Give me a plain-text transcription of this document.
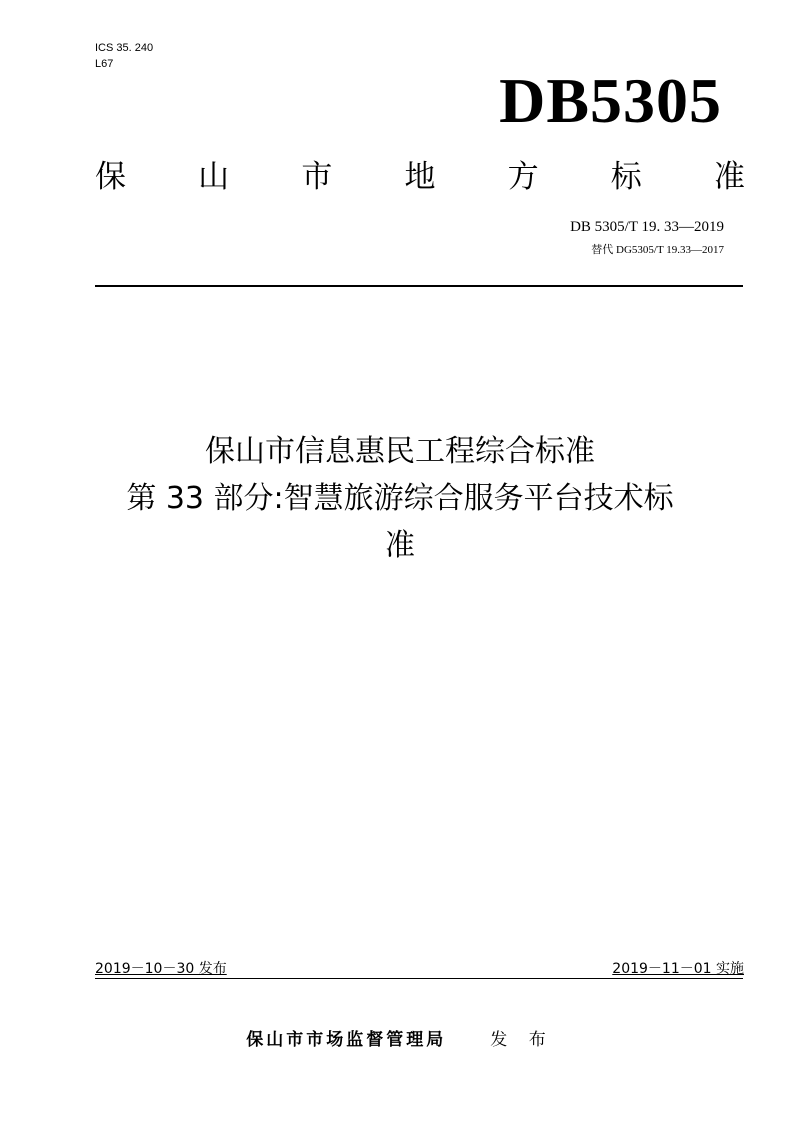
ICS 35. 240
L67
DB5305
保 山 市 地 方 标 准
DB 5305/T 19. 33—2019
替代 DG5305/T 19.33—2017
保山市信息惠民工程综合标准
第 33 部分:智慧旅游综合服务平台技术标
准
2019－10－30 发布	2019－11－01 实施
保山市市场监督管理局	发 布
